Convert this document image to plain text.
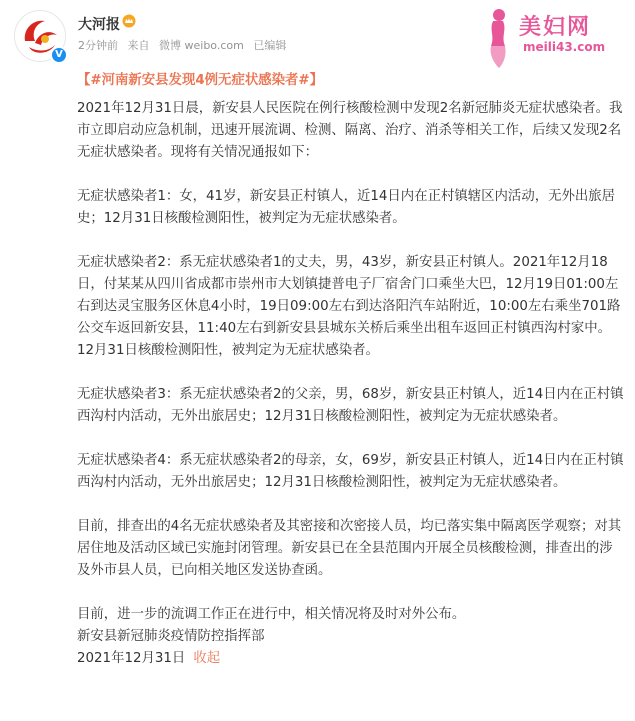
V
大河报
2分钟前 来自 微博 weibo.com 已编辑
美妇网
meili43.com
【#河南新安县发现4例无症状感染者#】

2021年12月31日晨，新安县人民医院在例行核酸检测中发现2名新冠肺炎无症状感染者。我市立即启动应急机制，迅速开展流调、检测、隔离、治疗、消杀等相关工作，后续又发现2名无症状感染者。现将有关情况通报如下：

无症状感染者1：女，41岁，新安县正村镇人，近14日内在正村镇辖区内活动，无外出旅居史；12月31日核酸检测阳性，被判定为无症状感染者。

无症状感染者2：系无症状感染者1的丈夫，男，43岁，新安县正村镇人。2021年12月18日，付某某从四川省成都市崇州市大划镇捷普电子厂宿舍门口乘坐大巴，12月19日01:00左右到达灵宝服务区休息4小时，19日09:00左右到达洛阳汽车站附近，10:00左右乘坐701路公交车返回新安县，11:40左右到新安县县城东关桥后乘坐出租车返回正村镇西沟村家中。12月31日核酸检测阳性，被判定为无症状感染者。

无症状感染者3：系无症状感染者2的父亲，男，68岁，新安县正村镇人，近14日内在正村镇西沟村内活动，无外出旅居史；12月31日核酸检测阳性，被判定为无症状感染者。

无症状感染者4：系无症状感染者2的母亲，女，69岁，新安县正村镇人，近14日内在正村镇西沟村内活动，无外出旅居史；12月31日核酸检测阳性，被判定为无症状感染者。

目前，排查出的4名无症状感染者及其密接和次密接人员，均已落实集中隔离医学观察；对其居住地及活动区域已实施封闭管理。新安县已在全县范围内开展全员核酸检测，排查出的涉及外市县人员，已向相关地区发送协查函。

目前，进一步的流调工作正在进行中，相关情况将及时对外公布。

新安县新冠肺炎疫情防控指挥部

2021年12月31日 收起
